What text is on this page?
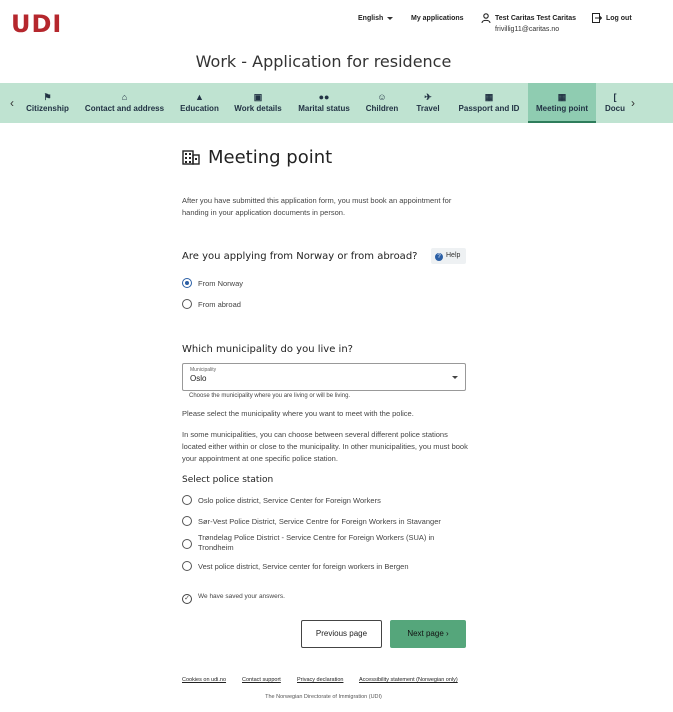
UDI	English	My applications	Test Caritas Test Caritas
frivillig11@caritas.no
Log out
Work - Application for residence
‹	⚑
Citizenship
⌂
Contact and address
▲
Education
▣
Work details
●●
Marital status
☺
Children
✈
Travel
▦
Passport and ID
▦
Meeting point
[
Docu ›
Meeting point
After you have submitted this application form, you must book an appointment for handing in your application documents in person.
Are you applying from Norway or from abroad?	? Help
From Norway
From abroad
Which municipality do you live in?
Municipality
Oslo
Choose the municipality where you are living or will be living.
Please select the municipality where you want to meet with the police.
In some municipalities, you can choose between several different police stations located either within or close to the municipality. In other municipalities, you must book your appointment at one specific police station.
Select police station
Oslo police district, Service Center for Foreign Workers
Sør-Vest Police District, Service Centre for Foreign Workers in Stavanger
Trøndelag Police District - Service Centre for Foreign Workers (SUA) in Trondheim
Vest police district, Service center for foreign workers in Bergen
✓ We have saved your answers.
Previous page	Next page ›
Cookies on udi.no	Contact support	Privacy declaration	Accessibility statement (Norwegian only)
The Norwegian Directorate of Immigration (UDI)
